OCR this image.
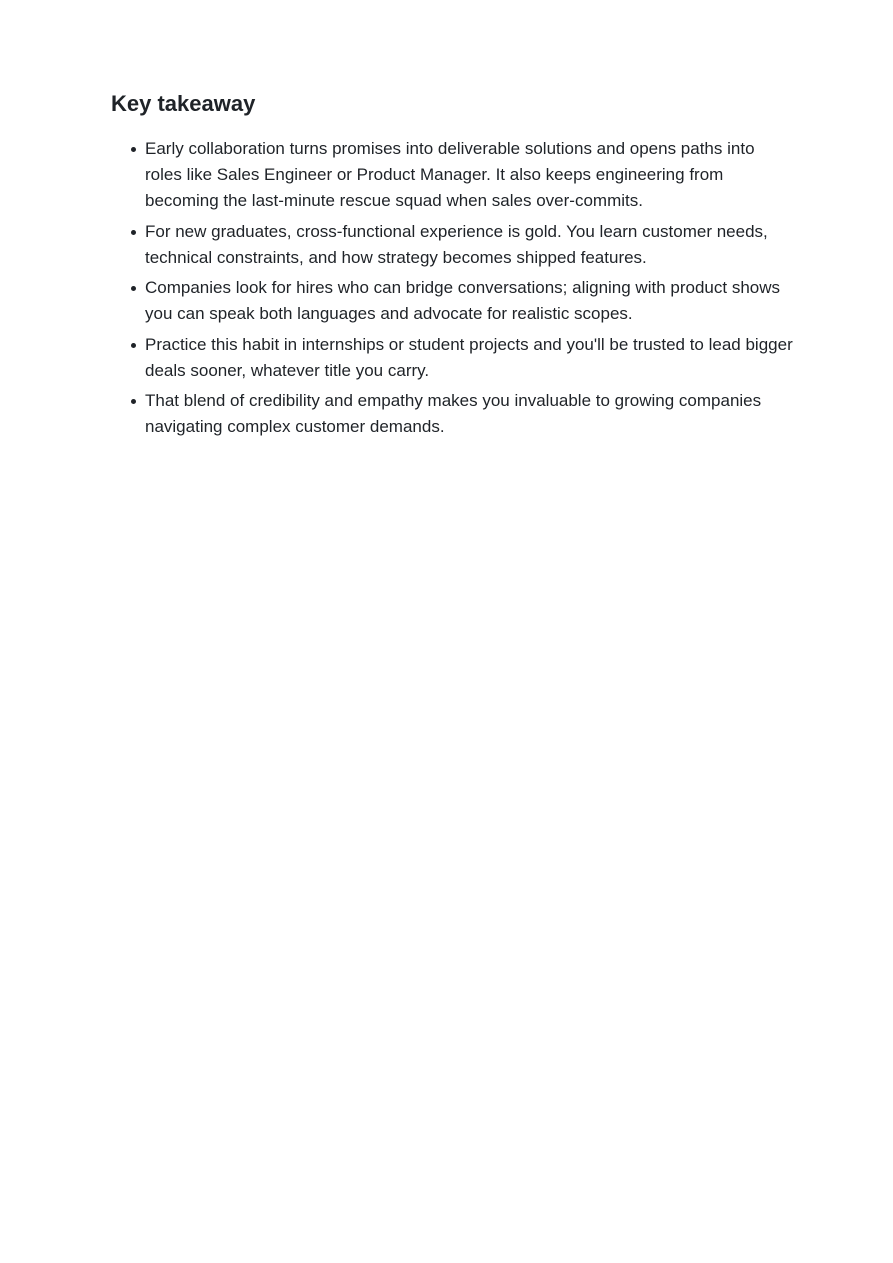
Key takeaway
Early collaboration turns promises into deliverable solutions and opens paths into roles like Sales Engineer or Product Manager. It also keeps engineering from becoming the last-minute rescue squad when sales over-commits.
For new graduates, cross-functional experience is gold. You learn customer needs, technical constraints, and how strategy becomes shipped features.
Companies look for hires who can bridge conversations; aligning with product shows you can speak both languages and advocate for realistic scopes.
Practice this habit in internships or student projects and you'll be trusted to lead bigger deals sooner, whatever title you carry.
That blend of credibility and empathy makes you invaluable to growing companies navigating complex customer demands.
